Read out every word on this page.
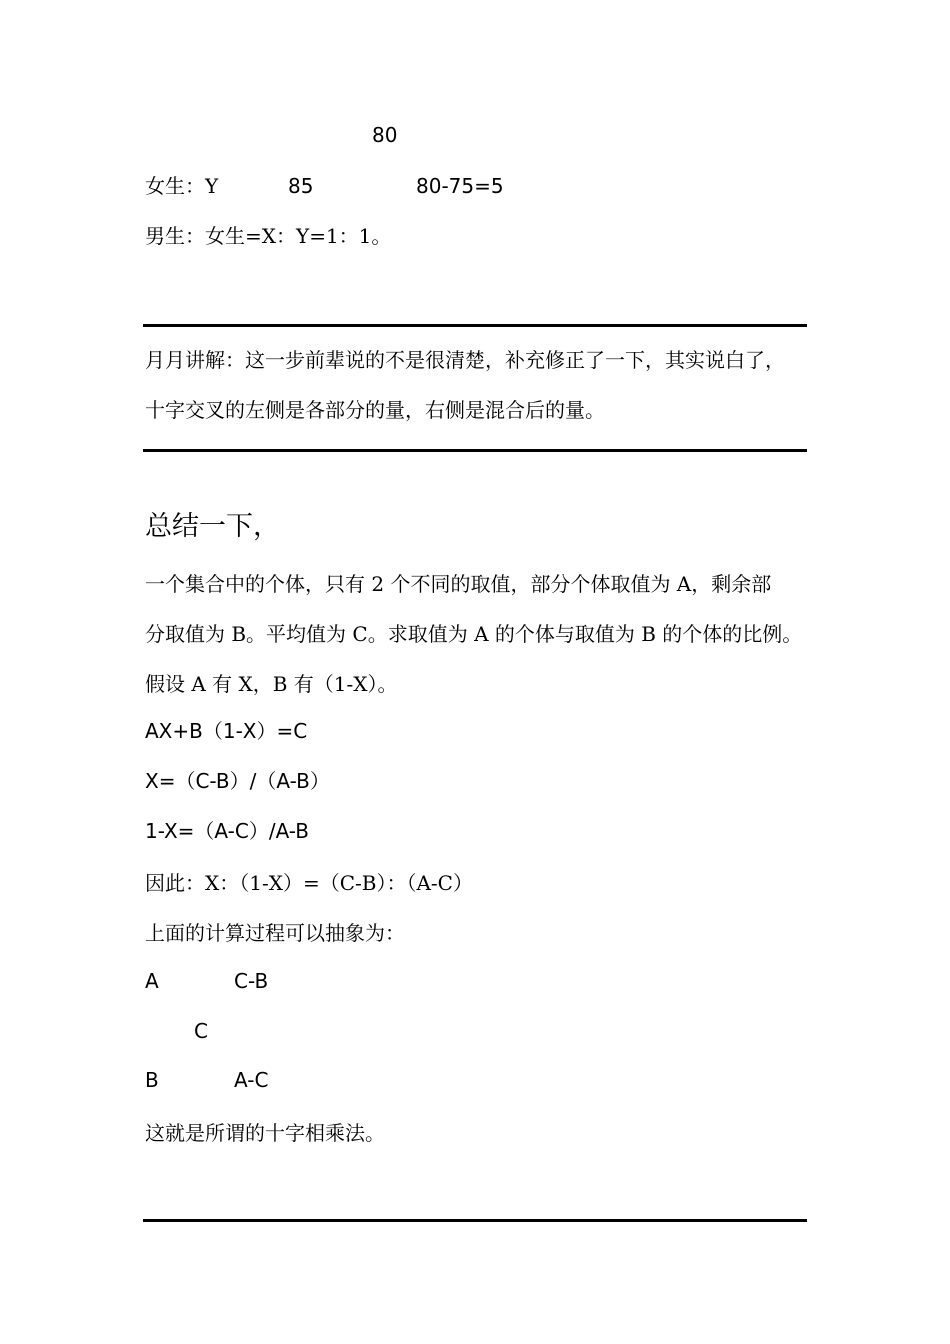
80
女生：Y	85	80-75=5
男生：女生=X：Y=1：1。
月月讲解：这一步前辈说的不是很清楚，补充修正了一下，其实说白了，
十字交叉的左侧是各部分的量，右侧是混合后的量。
总结一下，
一个集合中的个体，只有 2 个不同的取值，部分个体取值为 A，剩余部
分取值为 B。平均值为 C。求取值为 A 的个体与取值为 B 的个体的比例。
假设 A 有 X，B 有（1-X）。
AX+B（1-X）=C
X=（C-B）/（A-B）
1-X=（A-C）/A-B
因此：X：（1-X）=（C-B）：（A-C）
上面的计算过程可以抽象为：
A	C-B
C
B	A-C
这就是所谓的十字相乘法。
